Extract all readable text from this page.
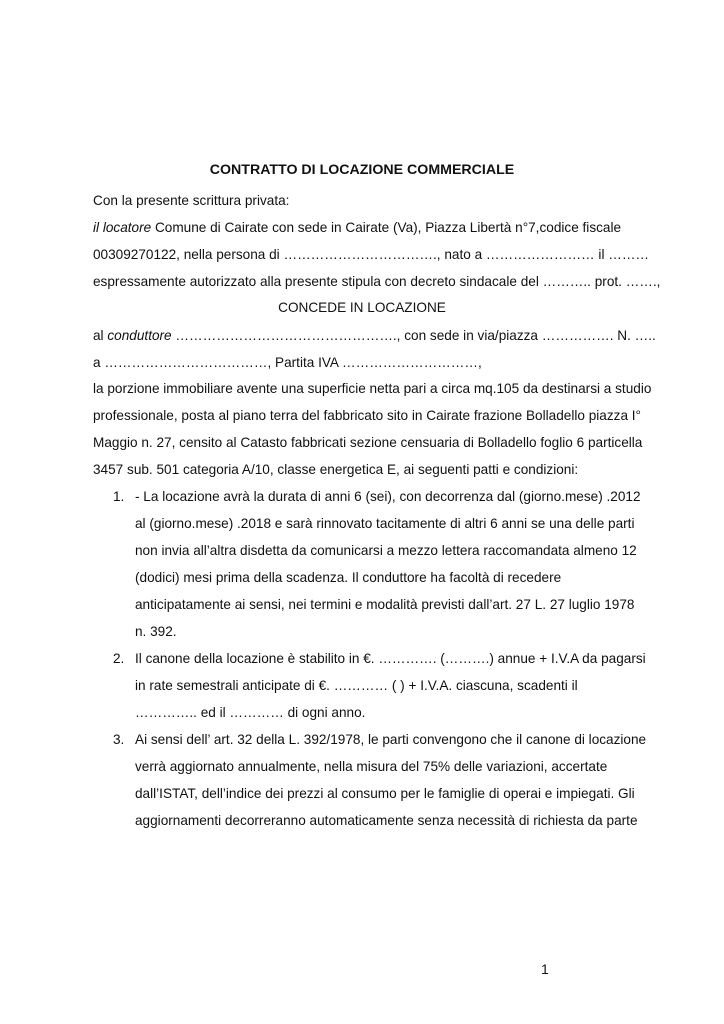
CONTRATTO DI LOCAZIONE COMMERCIALE
Con la presente scrittura privata:
il locatore Comune di Cairate con sede in Cairate (Va), Piazza Libertà n°7,codice fiscale
00309270122, nella persona di ……………………………., nato a …………………… il ………
espressamente autorizzato alla presente stipula con decreto sindacale del ……….. prot. …….,
CONCEDE IN LOCAZIONE
al conduttore …………………………………………., con sede in via/piazza ……………. N. …..
a ………………………………, Partita IVA …………………………,
la porzione immobiliare avente una superficie netta pari a circa mq.105 da destinarsi a studio
professionale, posta al piano terra del fabbricato sito in Cairate frazione Bolladello piazza I°
Maggio n. 27, censito al Catasto fabbricati sezione censuaria di Bolladello foglio 6 particella
3457 sub. 501 categoria A/10, classe energetica E, ai seguenti patti e condizioni:
1. - La locazione avrà la durata di anni 6 (sei), con decorrenza dal (giorno.mese) .2012
al (giorno.mese) .2018 e sarà rinnovato tacitamente di altri 6 anni se una delle parti
non invia all’altra disdetta da comunicarsi a mezzo lettera raccomandata almeno 12
(dodici) mesi prima della scadenza. Il conduttore ha facoltà di recedere
anticipatamente ai sensi, nei termini e modalità previsti dall’art. 27 L. 27 luglio 1978
n. 392.
2. Il canone della locazione è stabilito in €. …………. (……….) annue + I.V.A da pagarsi
in rate semestrali anticipate di €. ………… ( ) + I.V.A. ciascuna, scadenti il
………….. ed il ………… di ogni anno.
3. Ai sensi dell’ art. 32 della L. 392/1978, le parti convengono che il canone di locazione
verrà aggiornato annualmente, nella misura del 75% delle variazioni, accertate
dall’ISTAT, dell’indice dei prezzi al consumo per le famiglie di operai e impiegati. Gli
aggiornamenti decorreranno automaticamente senza necessità di richiesta da parte
1
